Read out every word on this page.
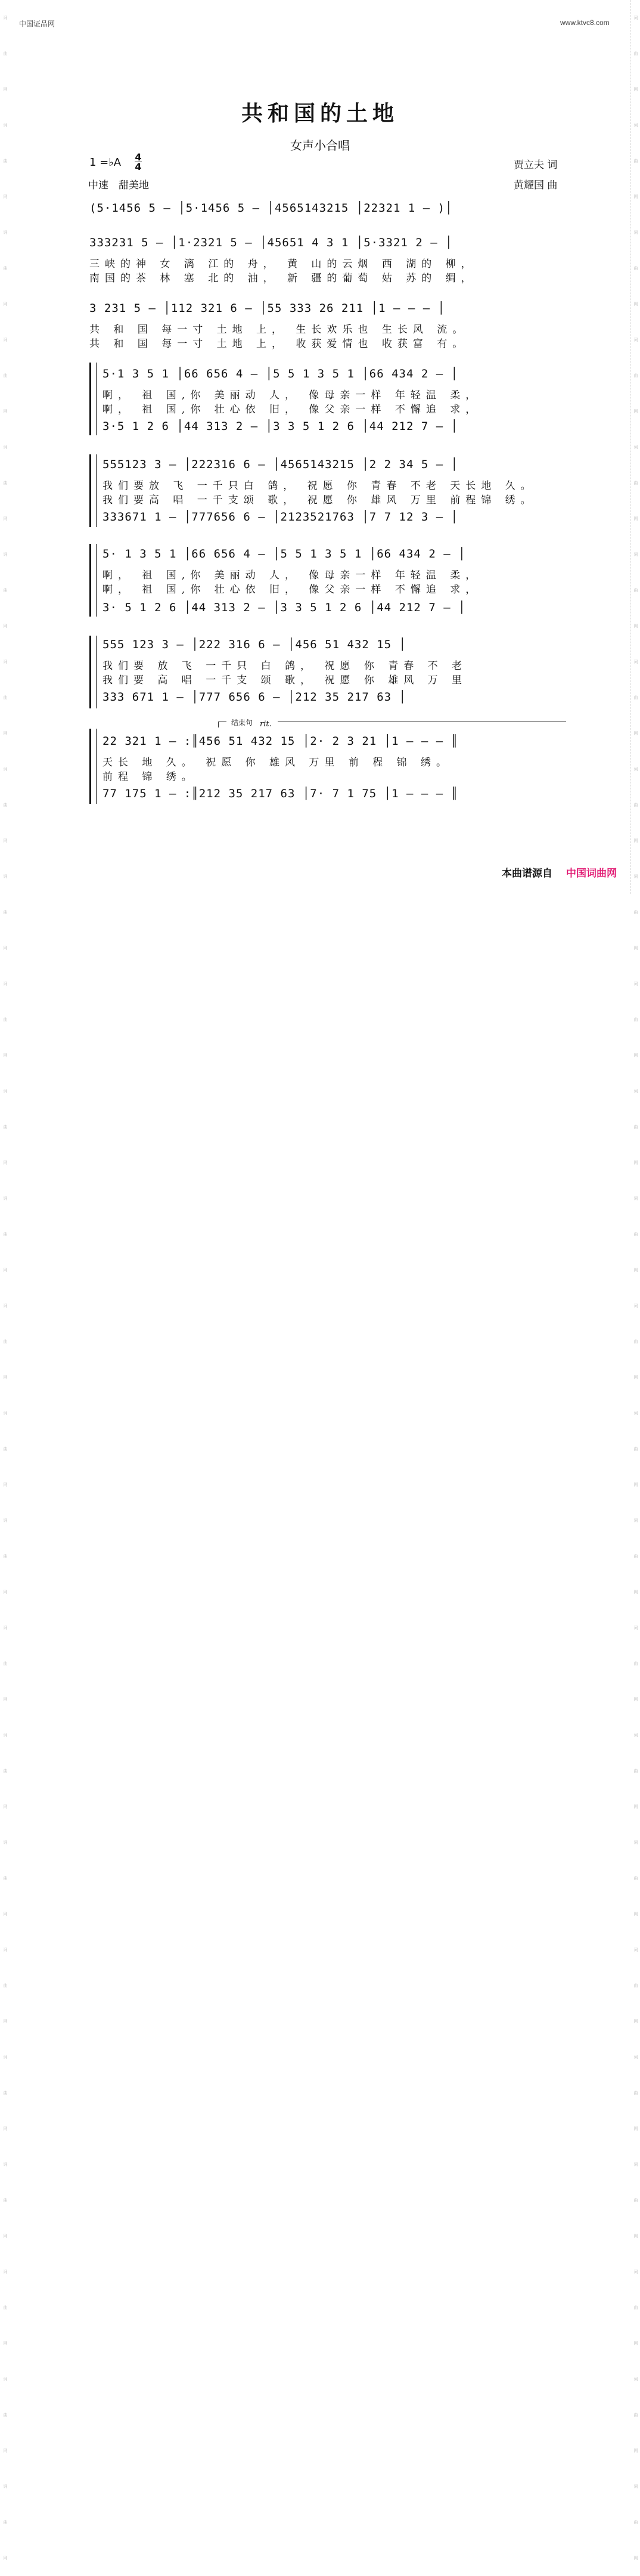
词曲网词曲网词曲网词曲网词曲网词曲网词曲网词曲网词曲网词曲网词曲网词曲网词曲网词曲网词曲网词曲网词曲网词曲网词曲网词曲网词曲网词曲网词曲网词曲网
词曲网词曲网词曲网词曲网词曲网词曲网词曲网词曲网词曲网词曲网词曲网词曲网词曲网词曲网词曲网词曲网词曲网词曲网词曲网词曲网词曲网词曲网词曲网词曲网
中国证品网	www.ktvc8.com
共和国的土地
女声小合唱
1 =♭A 4
4
中速　甜美地
贾立夫 词
黄耀国 曲
(5·1456 5 – │5·1456 5 – │4565143215 │22321 1 – )│
333231 5 – │1·2321 5 – │45651 4 3 1 │5·3321 2 – │
三峡的神 女 漓 江的 舟， 黄 山的云烟 西 湖的 柳，
南国的茶 林 塞 北的 油， 新 疆的葡萄 姑 苏的 绸，
3 231 5 – │112 321 6 – │55 333 26 211 │1 – – – │
共 和 国 每一寸 土地 上， 生长欢乐也 生长风 流。
共 和 国 每一寸 土地 上， 收获爱情也 收获富 有。
5·1 3 5 1 │66 656 4 – │5 5 1 3 5 1 │66 434 2 – │
啊， 祖 国,你 美丽动 人， 像母亲一样 年轻温 柔，
啊， 祖 国,你 壮心依 旧， 像父亲一样 不懈追 求，
3·5 1 2 6 │44 313 2 – │3 3 5 1 2 6 │44 212 7 – │
555123 3 – │222316 6 – │4565143215 │2 2 34 5 – │
我们要放 飞 一千只白 鸽， 祝愿 你 青春 不老 天长地 久。
我们要高 唱 一千支颂 歌， 祝愿 你 雄风 万里 前程锦 绣。
333671 1 – │777656 6 – │2123521763 │7 7 12 3 – │
5· 1 3 5 1 │66 656 4 – │5 5 1 3 5 1 │66 434 2 – │
啊， 祖 国,你 美丽动 人， 像母亲一样 年轻温 柔，
啊， 祖 国,你 壮心依 旧， 像父亲一样 不懈追 求，
3· 5 1 2 6 │44 313 2 – │3 3 5 1 2 6 │44 212 7 – │
555 123 3 – │222 316 6 – │456 51 432 15 │
我们要 放 飞 一千只 白 鸽， 祝愿 你 青春 不 老
我们要 高 唱 一千支 颂 歌， 祝愿 你 雄风 万 里
333 671 1 – │777 656 6 – │212 35 217 63 │
结束句 rit.
22 321 1 – :║456 51 432 15 │2· 2 3 21 │1 – – – ║
天长 地 久。 祝愿 你 雄风 万里 前 程 锦 绣。
前程 锦 绣。
77 175 1 – :║212 35 217 63 │7· 7 1 75 │1 – – – ║
本曲谱源自 中国词曲网
